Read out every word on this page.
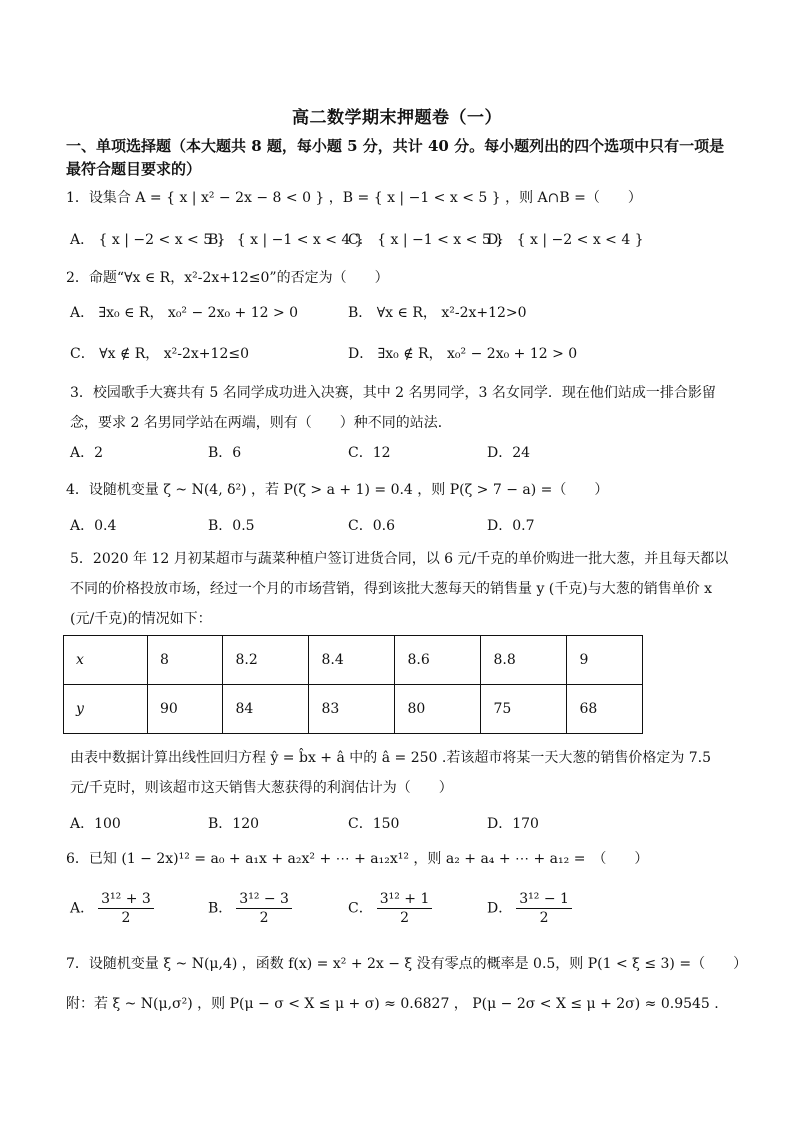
高二数学期末押题卷（一）
一、单项选择题（本大题共 8 题，每小题 5 分，共计 40 分。每小题列出的四个选项中只有一项是最符合题目要求的）
1．设集合 A = { x | x² − 2x − 8 < 0 } ，B = { x | −1 < x < 5 } ，则 A∩B =（　　）
A． { x | −2 < x < 5 }
B． { x | −1 < x < 4 }
C． { x | −1 < x < 5 }
D． { x | −2 < x < 4 }
2．命题“∀x ∈ R，x²-2x+12≤0”的否定为（　　）
A． ∃x₀ ∈ R， x₀² − 2x₀ + 12 > 0	B． ∀x ∈ R， x²-2x+12>0
C． ∀x ∉ R， x²-2x+12≤0	D． ∃x₀ ∉ R， x₀² − 2x₀ + 12 > 0
3．校园歌手大赛共有 5 名同学成功进入决赛，其中 2 名男同学，3 名女同学．现在他们站成一排合影留念，要求 2 名男同学站在两端，则有（　　）种不同的站法．
A．2	B．6	C．12	D．24
4．设随机变量 ζ ~ N(4, δ²) ，若 P(ζ > a + 1) = 0.4 ，则 P(ζ > 7 − a) =（　　）
A．0.4	B．0.5	C．0.6	D．0.7
5．2020 年 12 月初某超市与蔬菜种植户签订进货合同，以 6 元/千克的单价购进一批大葱，并且每天都以不同的价格投放市场，经过一个月的市场营销，得到该批大葱每天的销售量 y (千克)与大葱的销售单价 x (元/千克)的情况如下：
x	8	8.2	8.4	8.6	8.8	9
y	90	84	83	80	75	68
由表中数据计算出线性回归方程 ŷ = b̂x + â 中的 â = 250 .若该超市将某一天大葱的销售价格定为 7.5 元/千克时，则该超市这天销售大葱获得的利润估计为（　　）
A．100	B．120	C．150	D．170
6．已知 (1 − 2x)¹² = a₀ + a₁x + a₂x² + ⋯ + a₁₂x¹² ，则 a₂ + a₄ + ⋯ + a₁₂ =　（　　）
A． $\frac{\text{3¹² + 3}}{2}$	B． $\frac{\text{3¹² − 3}}{2}$	C． $\frac{\text{3¹² + 1}}{2}$	D． $\frac{\text{3¹² − 1}}{2}$
7．设随机变量 ξ ~ N(μ,4) ，函数 f(x) = x² + 2x − ξ 没有零点的概率是 0.5，则 P(1 < ξ ≤ 3) =（　　）
附：若 ξ ~ N(μ,σ²) ，则 P(μ − σ < X ≤ μ + σ) ≈ 0.6827 ， P(μ − 2σ < X ≤ μ + 2σ) ≈ 0.9545 .
